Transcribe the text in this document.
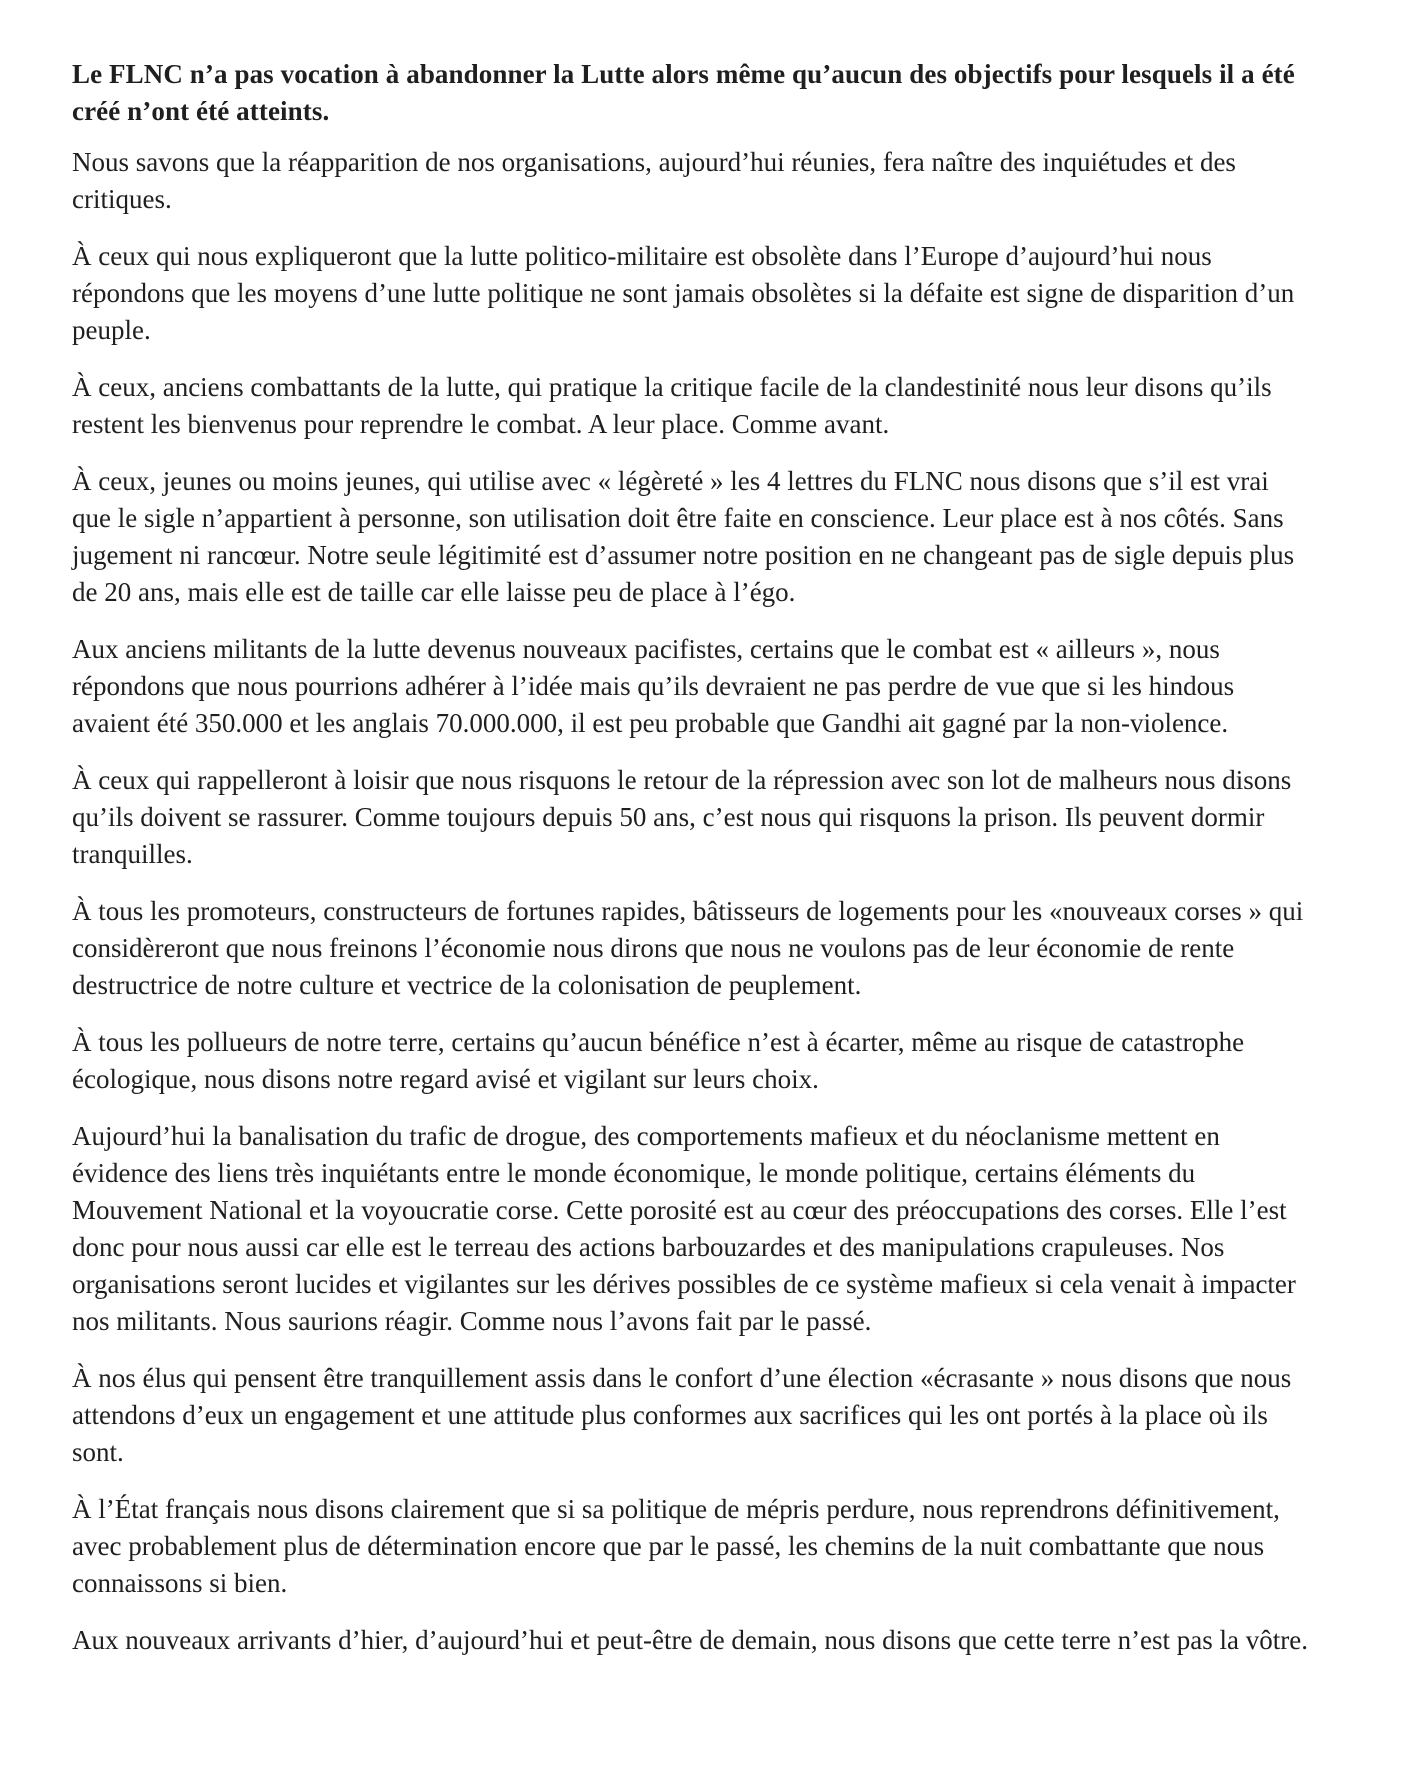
Le FLNC n’a pas vocation à abandonner la Lutte alors même qu’aucun des objectifs pour lesquels il a été créé n’ont été atteints.

Nous savons que la réapparition de nos organisations, aujourd’hui réunies, fera naître des inquiétudes et des critiques.

À ceux qui nous expliqueront que la lutte politico-militaire est obsolète dans l’Europe d’aujourd’hui nous répondons que les moyens d’une lutte politique ne sont jamais obsolètes si la défaite est signe de disparition d’un peuple.

À ceux, anciens combattants de la lutte, qui pratique la critique facile de la clandestinité nous leur disons qu’ils restent les bienvenus pour reprendre le combat. A leur place. Comme avant.

À ceux, jeunes ou moins jeunes, qui utilise avec « légèreté » les 4 lettres du FLNC nous disons que s’il est vrai que le sigle n’appartient à personne, son utilisation doit être faite en conscience. Leur place est à nos côtés. Sans jugement ni rancœur. Notre seule légitimité est d’assumer notre position en ne changeant pas de sigle depuis plus de 20 ans, mais elle est de taille car elle laisse peu de place à l’égo.

Aux anciens militants de la lutte devenus nouveaux pacifistes, certains que le combat est « ailleurs », nous répondons que nous pourrions adhérer à l’idée mais qu’ils devraient ne pas perdre de vue que si les hindous avaient été 350.000 et les anglais 70.000.000, il est peu probable que Gandhi ait gagné par la non-violence.

À ceux qui rappelleront à loisir que nous risquons le retour de la répression avec son lot de malheurs nous disons qu’ils doivent se rassurer. Comme toujours depuis 50 ans, c’est nous qui risquons la prison. Ils peuvent dormir tranquilles.

À tous les promoteurs, constructeurs de fortunes rapides, bâtisseurs de logements pour les «nouveaux corses » qui considèreront que nous freinons l’économie nous dirons que nous ne voulons pas de leur économie de rente destructrice de notre culture et vectrice de la colonisation de peuplement.

À tous les pollueurs de notre terre, certains qu’aucun bénéfice n’est à écarter, même au risque de catastrophe écologique, nous disons notre regard avisé et vigilant sur leurs choix.

Aujourd’hui la banalisation du trafic de drogue, des comportements mafieux et du néoclanisme mettent en évidence des liens très inquiétants entre le monde économique, le monde politique, certains éléments du Mouvement National et la voyoucratie corse. Cette porosité est au cœur des préoccupations des corses. Elle l’est donc pour nous aussi car elle est le terreau des actions barbouzardes et des manipulations crapuleuses. Nos organisations seront lucides et vigilantes sur les dérives possibles de ce système mafieux si cela venait à impacter nos militants. Nous saurions réagir. Comme nous l’avons fait par le passé.

À nos élus qui pensent être tranquillement assis dans le confort d’une élection «écrasante » nous disons que nous attendons d’eux un engagement et une attitude plus conformes aux sacrifices qui les ont portés à la place où ils sont.

À l’État français nous disons clairement que si sa politique de mépris perdure, nous reprendrons définitivement, avec probablement plus de détermination encore que par le passé, les chemins de la nuit combattante que nous connaissons si bien.

Aux nouveaux arrivants d’hier, d’aujourd’hui et peut-être de demain, nous disons que cette terre n’est pas la vôtre.
